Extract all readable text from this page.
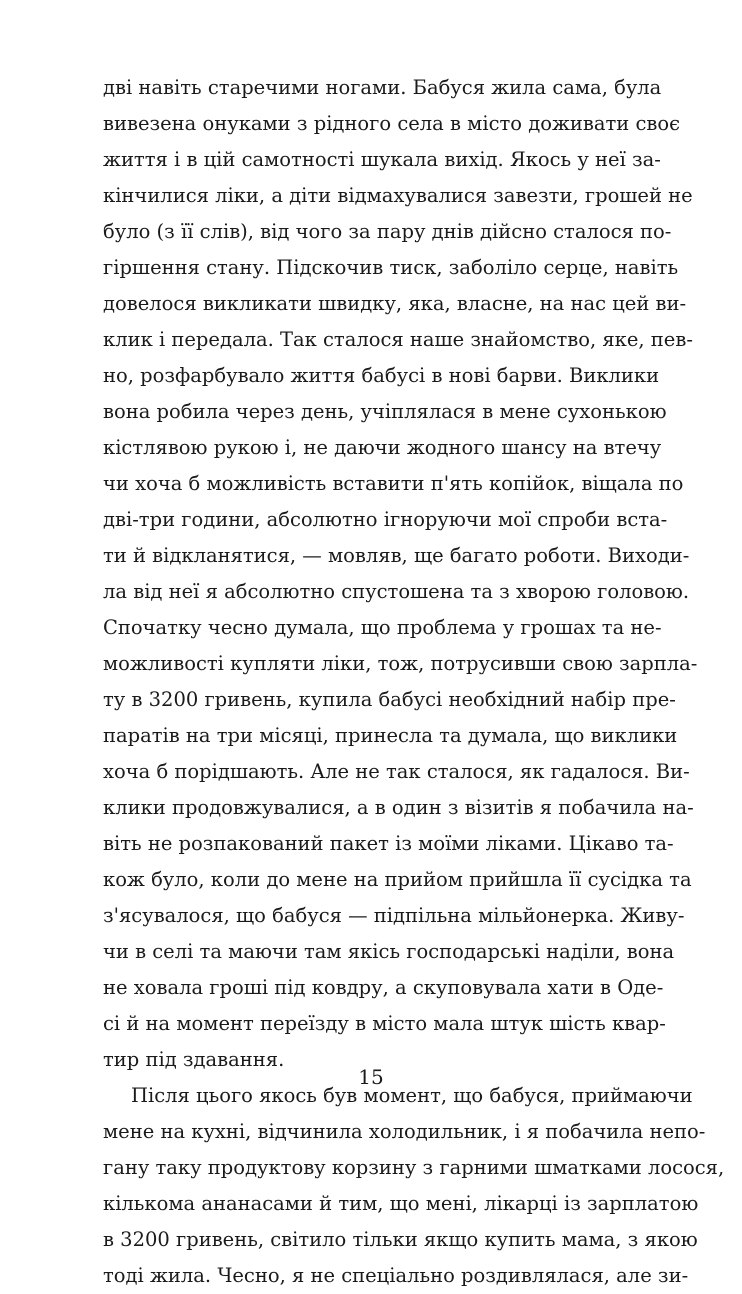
дві навіть старечими ногами. Бабуся жила сама, була
вивезена онуками з рідного села в місто доживати своє
життя і в цій самотності шукала вихід. Якось у неї за-
кінчилися ліки, а діти відмахувалися завезти, грошей не
було (з її слів), від чого за пару днів дійсно сталося по-
гіршення стану. Підскочив тиск, заболіло серце, навіть
довелося викликати швидку, яка, власне, на нас цей ви-
клик і передала. Так сталося наше знайомство, яке, пев-
но, розфарбувало життя бабусі в нові барви. Виклики
вона робила через день, учіплялася в мене сухонькою
кістлявою рукою і, не даючи жодного шансу на втечу
чи хоча б можливість вставити п'ять копійок, віщала по
дві-три години, абсолютно ігноруючи мої спроби вста-
ти й відкланятися, — мовляв, ще багато роботи. Виходи-
ла від неї я абсолютно спустошена та з хворою головою.
Спочатку чесно думала, що проблема у грошах та не-
можливості купляти ліки, тож, потрусивши свою зарпла-
ту в 3200 гривень, купила бабусі необхідний набір пре-
паратів на три місяці, принесла та думала, що виклики
хоча б порідшають. Але не так сталося, як гадалося. Ви-
клики продовжувалися, а в один з візитів я побачила на-
віть не розпакований пакет із моїми ліками. Цікаво та-
кож було, коли до мене на прийом прийшла її сусідка та
з'ясувалося, що бабуся — підпільна мільйонерка. Живу-
чи в селі та маючи там якісь господарські наділи, вона
не ховала гроші під ковдру, а скуповувала хати в Оде-
сі й на момент переїзду в місто мала штук шість квар-
тир під здавання.
Після цього якось був момент, що бабуся, приймаючи
мене на кухні, відчинила холодильник, і я побачила непо-
гану таку продуктову корзину з гарними шматками лосося,
кількома ананасами й тим, що мені, лікарці із зарплатою
в 3200 гривень, світило тільки якщо купить мама, з якою
тоді жила. Чесно, я не спеціально роздивлялася, але зи-
15
